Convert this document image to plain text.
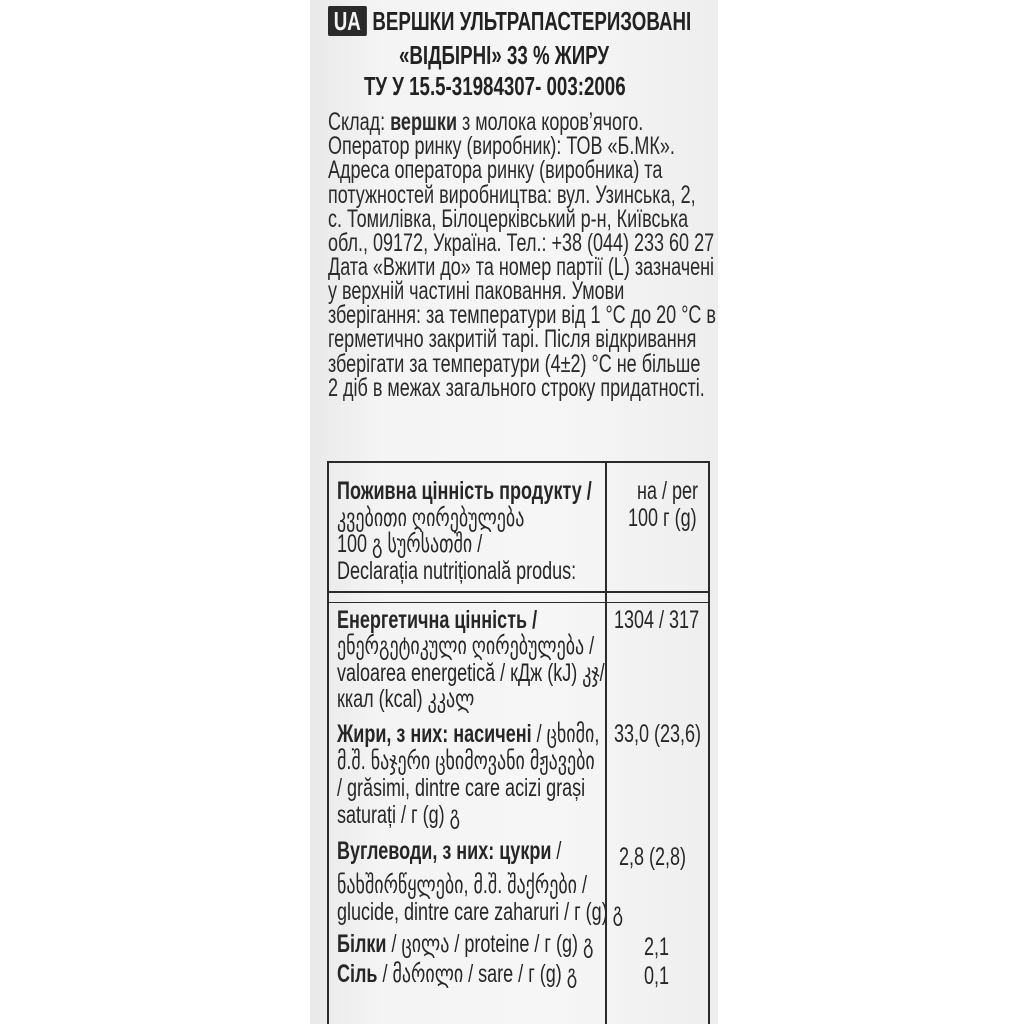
UA ВЕРШКИ УЛЬТРАПАСТЕРИЗОВАНІ
«ВІДБІРНІ» 33 % ЖИРУ
ТУ У 15.5-31984307- 003:2006
Склад: вершки з молока коров’ячого.
Оператор ринку (виробник): ТОВ «Б.МК».
Адреса оператора ринку (виробника) та
потужностей виробництва: вул. Узинська, 2,
с. Томилівка, Білоцерківський р-н, Київська
обл., 09172, Україна. Тел.: +38 (044) 233 60 27
Дата «Вжити до» та номер партії (L) зазначені
у верхній частині паковання. Умови
зберігання: за температури від 1 °С до 20 °С в
герметично закритій тарі. Після відкривання
зберігати за температури (4±2) °С не більше
2 діб в межах загального строку придатності.
Поживна цінність продукту /
კვებითი ღირებულება
100 გ სურსათში /
Declarația nutrițională produs:
на / per
100 г (g)
Енергетична цінність /
ენერგეტიკული ღირებულება /
valoarea energetică / кДж (kJ) კჯ/
ккал (kcal) კკალ
1304 / 317
Жири, з них: насичені / ცხიმი,
მ.შ. ნაჯერი ცხიმოვანი მჟავები
/ grăsimi, dintre care acizi grași
saturați / г (g) გ
33,0 (23,6)
Вуглеводи, з них: цукри /
ნახშირწყლები, მ.შ. შაქრები /
glucide, dintre care zaharuri / г (g) გ
2,8 (2,8)
Білки / ცილა / proteine / г (g) გ 2,1
Сіль / მარილი / sare / г (g) გ	0,1
